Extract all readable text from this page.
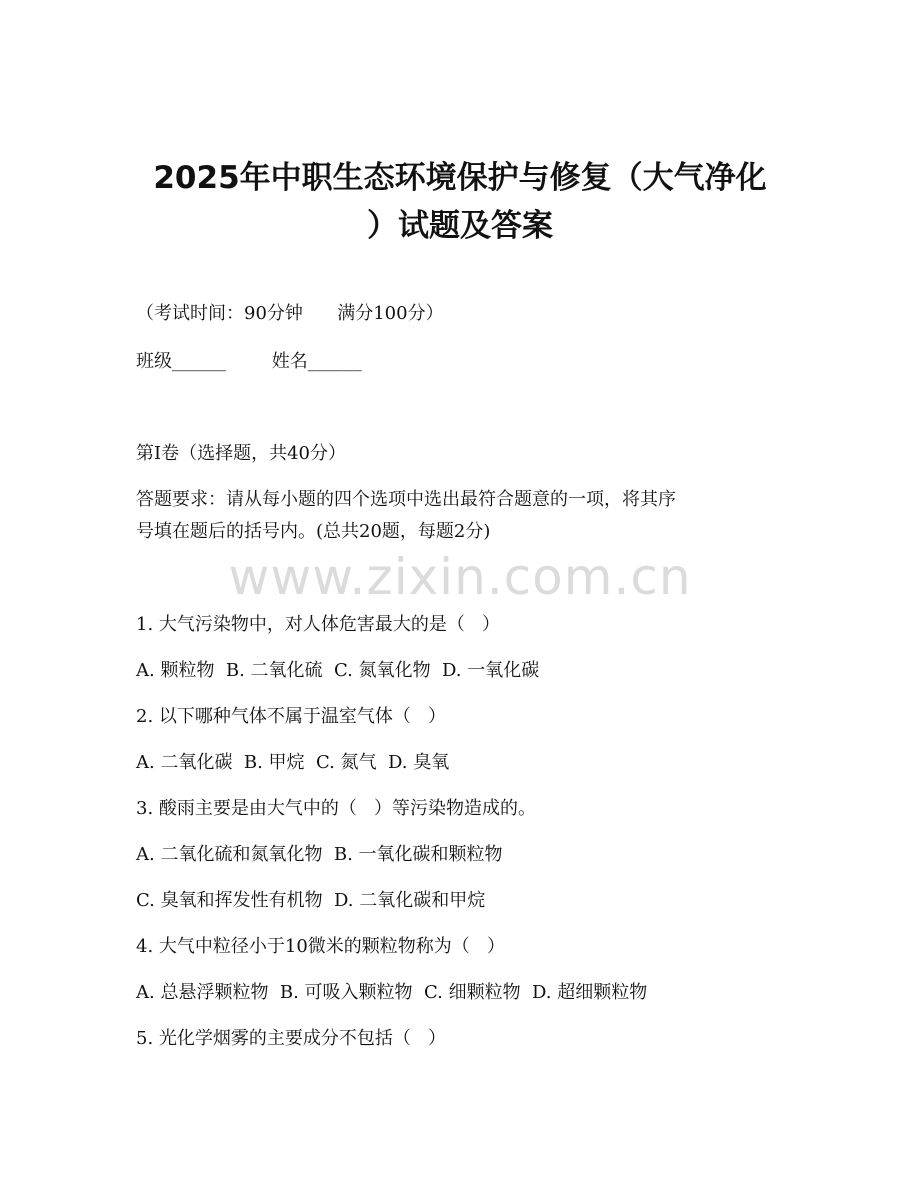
2025年中职生态环境保护与修复（大气净化
）试题及答案

（考试时间：90分钟      满分100分）

班级______        姓名______

第I卷（选择题，共40分）

答题要求：请从每小题的四个选项中选出最符合题意的一项，将其序

号填在题后的括号内。(总共20题，每题2分)

www.zixin.com.cn

1. 大气污染物中，对人体危害最大的是（   ）

A. 颗粒物  B. 二氧化硫  C. 氮氧化物  D. 一氧化碳

2. 以下哪种气体不属于温室气体（   ）

A. 二氧化碳  B. 甲烷  C. 氮气  D. 臭氧

3. 酸雨主要是由大气中的（   ）等污染物造成的。

A. 二氧化硫和氮氧化物  B. 一氧化碳和颗粒物

C. 臭氧和挥发性有机物  D. 二氧化碳和甲烷

4. 大气中粒径小于10微米的颗粒物称为（   ）

A. 总悬浮颗粒物  B. 可吸入颗粒物  C. 细颗粒物  D. 超细颗粒物

5. 光化学烟雾的主要成分不包括（   ）
